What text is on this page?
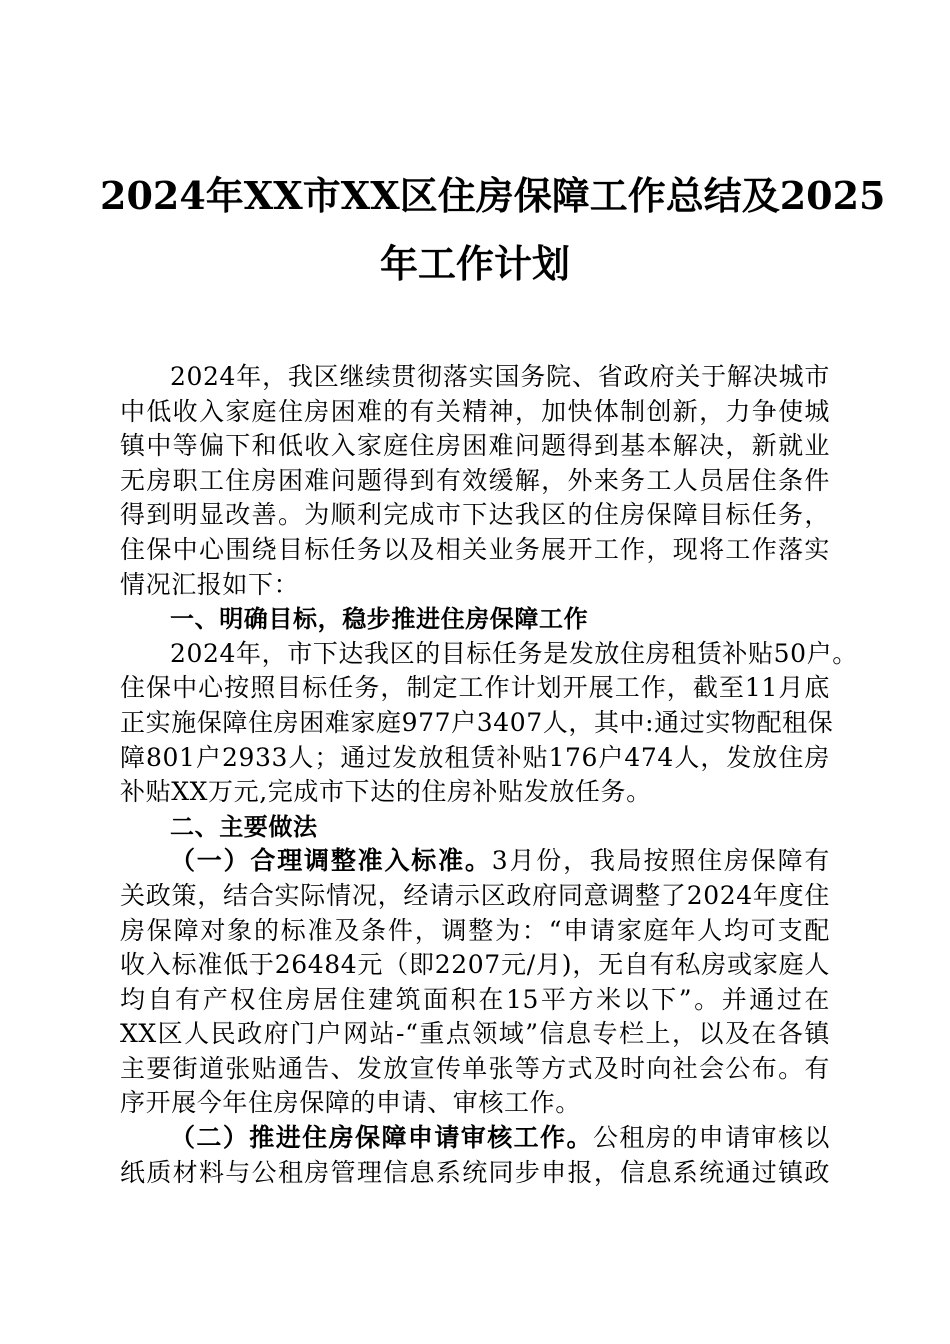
2024年XX市XX区住房保障工作总结及2025
年工作计划
2024年，我区继续贯彻落实国务院、省政府关于解决城市
中低收入家庭住房困难的有关精神，加快体制创新，力争使城
镇中等偏下和低收入家庭住房困难问题得到基本解决，新就业
无房职工住房困难问题得到有效缓解，外来务工人员居住条件
得到明显改善。为顺利完成市下达我区的住房保障目标任务，
住保中心围绕目标任务以及相关业务展开工作，现将工作落实
情况汇报如下：
一、明确目标，稳步推进住房保障工作
2024年，市下达我区的目标任务是发放住房租赁补贴50户。
住保中心按照目标任务，制定工作计划开展工作，截至11月底
正实施保障住房困难家庭977户3407人，其中:通过实物配租保
障801户2933人；通过发放租赁补贴176户474人，发放住房
补贴XX万元,完成市下达的住房补贴发放任务。
二、主要做法
（一）合理调整准入标准。3月份，我局按照住房保障有
关政策，结合实际情况，经请示区政府同意调整了2024年度住
房保障对象的标准及条件，调整为：“申请家庭年人均可支配
收入标准低于26484元（即2207元/月)，无自有私房或家庭人
均自有产权住房居住建筑面积在15平方米以下”。并通过在
XX区人民政府门户网站-“重点领域”信息专栏上，以及在各镇
主要街道张贴通告、发放宣传单张等方式及时向社会公布。有
序开展今年住房保障的申请、审核工作。
（二）推进住房保障申请审核工作。公租房的申请审核以
纸质材料与公租房管理信息系统同步申报，信息系统通过镇政
